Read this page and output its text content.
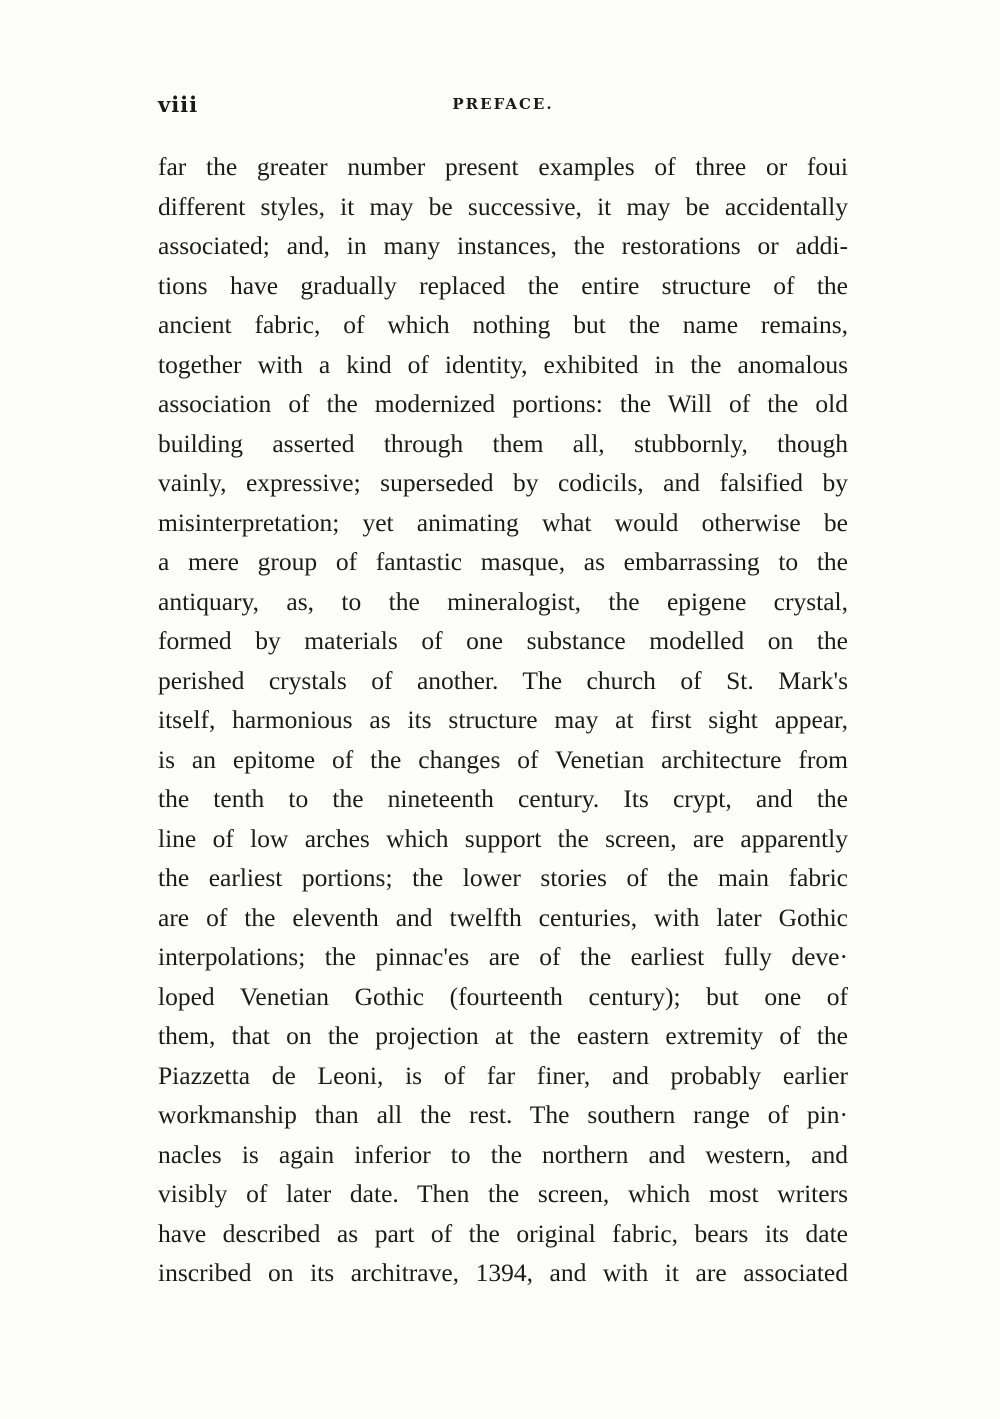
viii	PREFACE.
far the greater number present examples of three or foui
different styles, it may be successive, it may be accidentally
associated; and, in many instances, the restorations or addi-
tions have gradually replaced the entire structure of the
ancient fabric, of which nothing but the name remains,
together with a kind of identity, exhibited in the anomalous
association of the modernized portions: the Will of the old
building asserted through them all, stubbornly, though
vainly, expressive; superseded by codicils, and falsified by
misinterpretation; yet animating what would otherwise be
a mere group of fantastic masque, as embarrassing to the
antiquary, as, to the mineralogist, the epigene crystal,
formed by materials of one substance modelled on the
perished crystals of another. The church of St. Mark's
itself, harmonious as its structure may at first sight appear,
is an epitome of the changes of Venetian architecture from
the tenth to the nineteenth century. Its crypt, and the
line of low arches which support the screen, are apparently
the earliest portions; the lower stories of the main fabric
are of the eleventh and twelfth centuries, with later Gothic
interpolations; the pinnac'es are of the earliest fully deve·
loped Venetian Gothic (fourteenth century); but one of
them, that on the projection at the eastern extremity of the
Piazzetta de Leoni, is of far finer, and probably earlier
workmanship than all the rest. The southern range of pin·
nacles is again inferior to the northern and western, and
visibly of later date. Then the screen, which most writers
have described as part of the original fabric, bears its date
inscribed on its architrave, 1394, and with it are associated
